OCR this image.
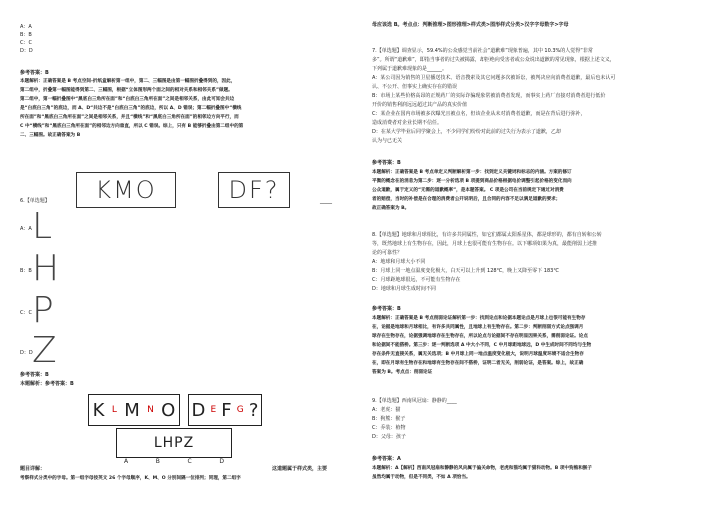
A：A
B：B
C：C
D：D
参考答案：B
本题解析：正确答案是 B 考点空间-折纸盒解析第一组中，第二、三幅图是由第一幅图折叠得到的，因此，
第二组中，折叠第一幅图能得到第二、三幅图，根据“立体图形两个面之间的相对关系和相邻关系”做题。
第二组中，第一幅折叠图中“黑底白三角所在面”和“白底白三角所在面”之间是相邻关系，由此可知会共边
是“白底白三角”的底边，而 A、D“共边不是“白底白三角”的底边，所以 A、D 错误；第二幅折叠图中“横线
所在面”和“黑底白三角所在面”之间是相邻关系，并且“横线”和“黑底白三角所在面”的相邻边方向平行，而
C 中“横线”和“黑底白三角所在面”的相邻边方向垂直，所以 C 错误。综上，只有 B 能够折叠由第二组中的第
二、三幅图。故正确答案为 B
KMO	DF?	____
6.【单选题】
L
H
P
Z
A：A
B：B
C：C
D：D
参考答案：B
本题解析：参考答案：B
K L M N O D E F G ?
LHPZ
A	B	C	D
题目详解：	这道题属于样式类，主要
考察样式分类中的字母。第一组字母按英文 26 个字母顺序，K、M、O 分别间隔一位排列；同理，第二组字
母应该选 B。考点点：判断推理>图形推理>样式类>图形样式分类>汉字字母数字>字母
7.【单选题】调查显示，59.4%的公众感觉当前社会“道歉难”现象普遍，其中 10.3%的人觉得“非常
多”。所谓“道歉难”，即指当事者的过失被揭露，却拒绝向受害者或公众说出道歉的常见现象，根据上述文义，
下列属于道歉难现象的是______。
A：某公司因为销售的卫星播送技术、语音搜索及其它问题多次被诉讼，被判决应向消费者道歉，最后也未认可
认、不公开、但事实上确实存在的错误
B：市场上某些价格高昂的正规药厂的实际诈骗现象常被消费者发现，而事实上药厂直接对消费者进行低价
开价的销售利润远远超过其产品的真实价值
C：某企业在国内市场被多次曝光且被点名，但该企业从未对消费者道歉，而是在背后进行弥补，
造成消费者对企业长期不信任。
D：在某大学毕业后同学聚会上，不少同学们纷纷对此前的过失行为表示了道歉，乙却
认为与已无关
参考答案：B
本题解析：正确答案是 B 考点单定义判断解析第一步：找到定义关键词和标志的内涵。方案的修订
平衡的概念在的消息为第二步：逐一分析选项 B 项提到商品价格根据电价调整引起价格的变化而向
公众道歉，属于定义的“无需的道歉概率”，是本题答案。 C 项是公司在当前规定下通过对消费
者的赔偿，当时的补偿是在合理的消费者公开说明后，且合同的内容不足以满足道歉的要求；
故正确答案为 B。
8.【单选题】地球和月球相比，有许多共同属性，如它们都属太阳系星体，都是球形的，都有自转和公转
等，既然地球上有生物存在，因此，月球上也很可能有生物存在。以下哪项如果为真，最能削弱上述推
论的可靠性？
A：地球和月球大小不同
B：月球上同一地点温度变化极大，白天可以上升到 128℃，晚上又降至零下 183℃
C：月球距地球很远，不可能有生物存在
D：地球和月球生成时间不同
参考答案：B
本题解析：正确答案是 B 考点削弱论证解析第一步：找到论点和论据本题论点是月球上也很可能有生物存
在，论据是地球和月球相比，有许多共同属性，且地球上有生物存在。第二步：判断削弱方式论点强调月
球存在生物存在，论据强调地球存在生物存在，所以论点与论据间不存在明显因果关系，需削弱论证。论点
和论据间不能搭桥。第三步：逐一判断选项 A 中大小不同，C 中月球距地球远，D 中生成时间不同均与生物
存在条件无直接关系，属无关选项；B 中月球上同一地点温度变化极大，说明月球温度环境不适合生物存
在，即在月球有生物存在和地球有生物存在间不搭桥，证明二者无关，削弱论证，是答案。综上，故正确
答案为 B。考点点：削弱论证
9.【单选题】西南风冠扇：静静的____
A：老虎：猫
B：狗熊：猴子
C：乔装：植物
D：父母：孩子
参考答案：A
本题解析：A【解析】西南风冠扇和静静的风向属于偏关命物，老虎和猫均属于猫科动物。B 项中狗熊和猴子
虽然均属于动物，但是不同类，不如 A 项恰当。
